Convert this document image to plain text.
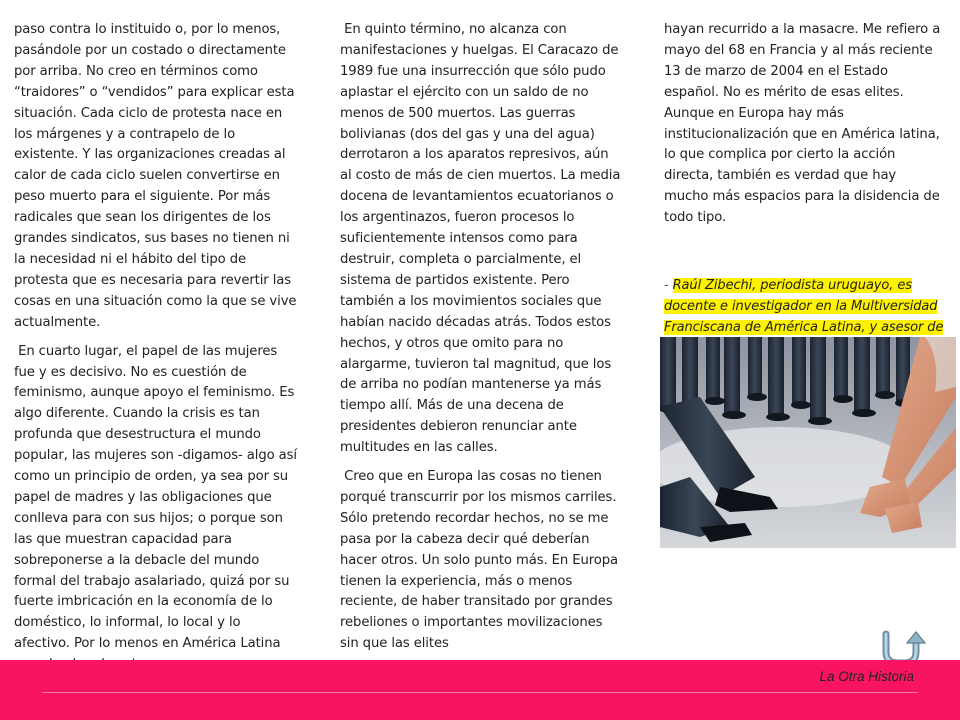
paso contra lo instituido o, por lo menos, pasándole por un costado o directamente por arriba. No creo en términos como “traidores” o “vendidos” para explicar esta situación. Cada ciclo de protesta nace en los márgenes y a contrapelo de lo existente. Y las organizaciones creadas al calor de cada ciclo suelen convertirse en peso muerto para el siguiente. Por más radicales que sean los dirigentes de los grandes sindicatos, sus bases no tienen ni la necesidad ni el hábito del tipo de protesta que es necesaria para revertir las cosas en una situación como la que se vive actualmente.

En cuarto lugar, el papel de las mujeres fue y es decisivo. No es cuestión de feminismo, aunque apoyo el feminismo. Es algo diferente. Cuando la crisis es tan profunda que desestructura el mundo popular, las mujeres son -digamos- algo así como un principio de orden, ya sea por su papel de madres y las obligaciones que conlleva para con sus hijos; o porque son las que muestran capacidad para sobreponerse a la debacle del mundo formal del trabajo asalariado, quizá por su fuerte imbricación en la economía de lo doméstico, lo informal, lo local y lo afectivo. Por lo menos en América Latina

En quinto término, no alcanza con manifestaciones y huelgas. El Caracazo de 1989 fue una insurrección que sólo pudo aplastar el ejército con un saldo de no menos de 500 muertos. Las guerras bolivianas (dos del gas y una del agua) derrotaron a los aparatos represivos, aún al costo de más de cien muertos. La media docena de levantamientos ecuatorianos o los argentinazos, fueron procesos lo suficientemente intensos como para destruir, completa o parcialmente, el sistema de partidos existente. Pero también a los movimientos sociales que habían nacido décadas atrás. Todos estos hechos, y otros que omito para no alargarme, tuvieron tal magnitud, que los de arriba no podían mantenerse ya más tiempo allí. Más de una decena de presidentes debieron renunciar ante multitudes en las calles.

Creo que en Europa las cosas no tienen porqué transcurrir por los mismos carriles. Sólo pretendo recordar hechos, no se me pasa por la cabeza decir qué deberían hacer otros. Un solo punto más. En Europa tienen la experiencia, más o menos reciente, de haber transitado por grandes rebeliones o importantes movilizaciones sin que las elites

hayan recurrido a la masacre. Me refiero a mayo del 68 en Francia y al más reciente 13 de marzo de 2004 en el Estado español. No es mérito de esas elites. Aunque en Europa hay más institucionalización que en América latina, lo que complica por cierto la acción directa, también es verdad que hay mucho más espacios para la disidencia de todo tipo.

- Raúl Zibechi, periodista uruguayo, es docente e investigador en la Multiversidad Franciscana de América Latina, y asesor de
La Otra Historia
